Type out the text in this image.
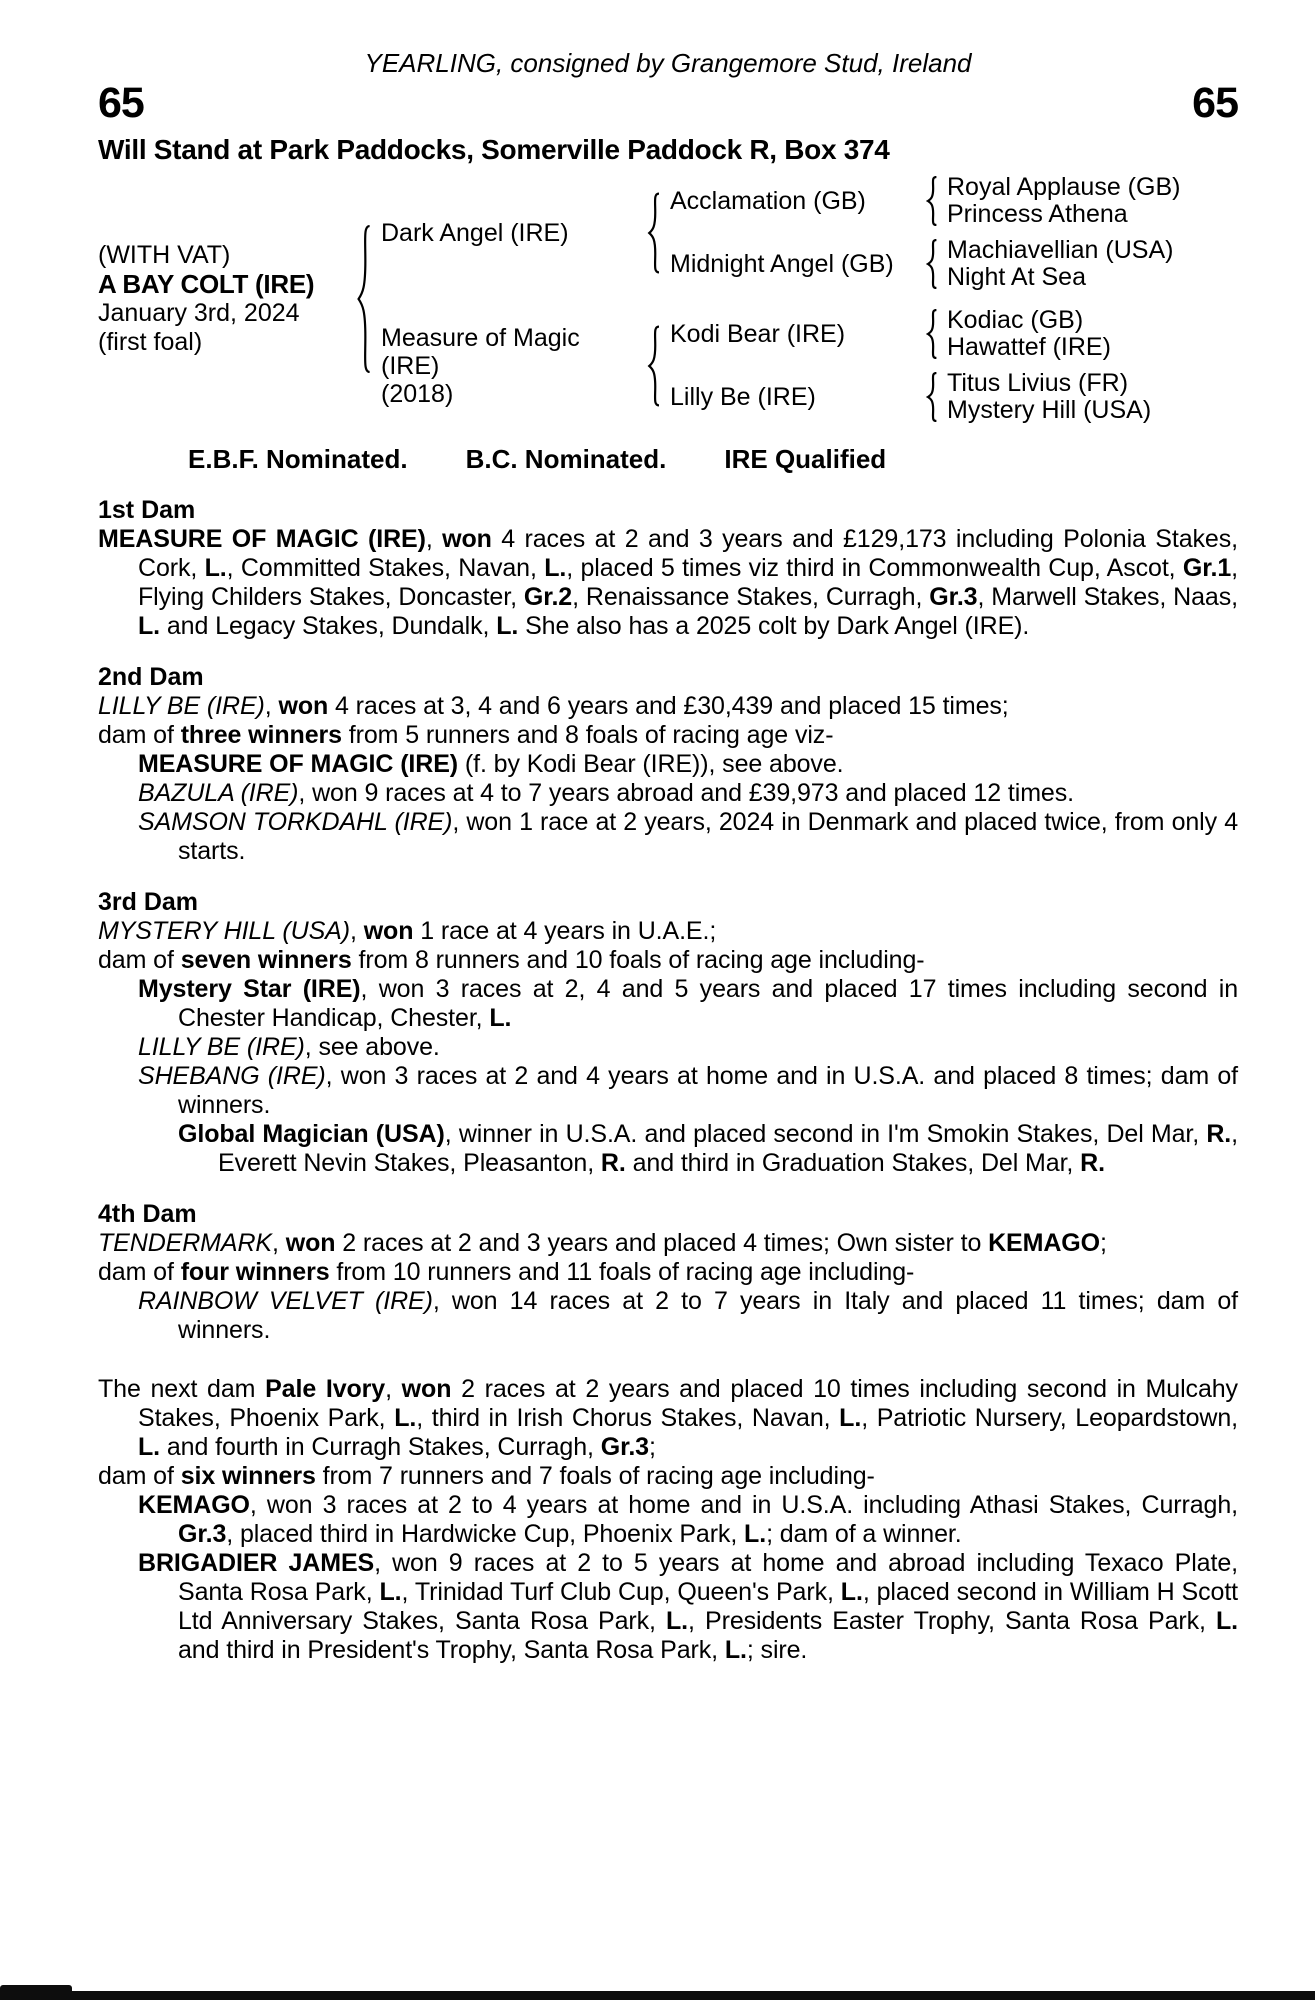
YEARLING, consigned by Grangemore Stud, Ireland
65	65
Will Stand at Park Paddocks, Somerville Paddock R, Box 374
(WITH VAT)
A BAY COLT (IRE)
January 3rd, 2024
(first foal)
Dark Angel (IRE)
Acclamation (GB)	Royal Applause (GB)
Princess Athena
Midnight Angel (GB)	Machiavellian (USA)
Night At Sea
Measure of Magic (IRE)
(2018)
Kodi Bear (IRE)	Kodiac (GB)
Hawattef (IRE)
Lilly Be (IRE)	Titus Livius (FR)
Mystery Hill (USA)
E.B.F. Nominated. B.C. Nominated. IRE Qualified
1st Dam

MEASURE OF MAGIC (IRE), won 4 races at 2 and 3 years and £129,173 including Polonia Stakes, Cork, L., Committed Stakes, Navan, L., placed 5 times viz third in Commonwealth Cup, Ascot, Gr.1, Flying Childers Stakes, Doncaster, Gr.2, Renaissance Stakes, Curragh, Gr.3, Marwell Stakes, Naas, L. and Legacy Stakes, Dundalk, L. She also has a 2025 colt by Dark Angel (IRE).

2nd Dam

LILLY BE (IRE), won 4 races at 3, 4 and 6 years and £30,439 and placed 15 times;

dam of three winners from 5 runners and 8 foals of racing age viz-

MEASURE OF MAGIC (IRE) (f. by Kodi Bear (IRE)), see above.

BAZULA (IRE), won 9 races at 4 to 7 years abroad and £39,973 and placed 12 times.

SAMSON TORKDAHL (IRE), won 1 race at 2 years, 2024 in Denmark and placed twice, from only 4 starts.

3rd Dam

MYSTERY HILL (USA), won 1 race at 4 years in U.A.E.;

dam of seven winners from 8 runners and 10 foals of racing age including-

Mystery Star (IRE), won 3 races at 2, 4 and 5 years and placed 17 times including second in Chester Handicap, Chester, L.

LILLY BE (IRE), see above.

SHEBANG (IRE), won 3 races at 2 and 4 years at home and in U.S.A. and placed 8 times; dam of winners.

Global Magician (USA), winner in U.S.A. and placed second in I'm Smokin Stakes, Del Mar, R., Everett Nevin Stakes, Pleasanton, R. and third in Graduation Stakes, Del Mar, R.

4th Dam

TENDERMARK, won 2 races at 2 and 3 years and placed 4 times; Own sister to KEMAGO;

dam of four winners from 10 runners and 11 foals of racing age including-

RAINBOW VELVET (IRE), won 14 races at 2 to 7 years in Italy and placed 11 times; dam of winners.

The next dam Pale Ivory, won 2 races at 2 years and placed 10 times including second in Mulcahy Stakes, Phoenix Park, L., third in Irish Chorus Stakes, Navan, L., Patriotic Nursery, Leopardstown, L. and fourth in Curragh Stakes, Curragh, Gr.3;

dam of six winners from 7 runners and 7 foals of racing age including-

KEMAGO, won 3 races at 2 to 4 years at home and in U.S.A. including Athasi Stakes, Curragh, Gr.3, placed third in Hardwicke Cup, Phoenix Park, L.; dam of a winner.

BRIGADIER JAMES, won 9 races at 2 to 5 years at home and abroad including Texaco Plate, Santa Rosa Park, L., Trinidad Turf Club Cup, Queen's Park, L., placed second in William H Scott Ltd Anniversary Stakes, Santa Rosa Park, L., Presidents Easter Trophy, Santa Rosa Park, L. and third in President's Trophy, Santa Rosa Park, L.; sire.
